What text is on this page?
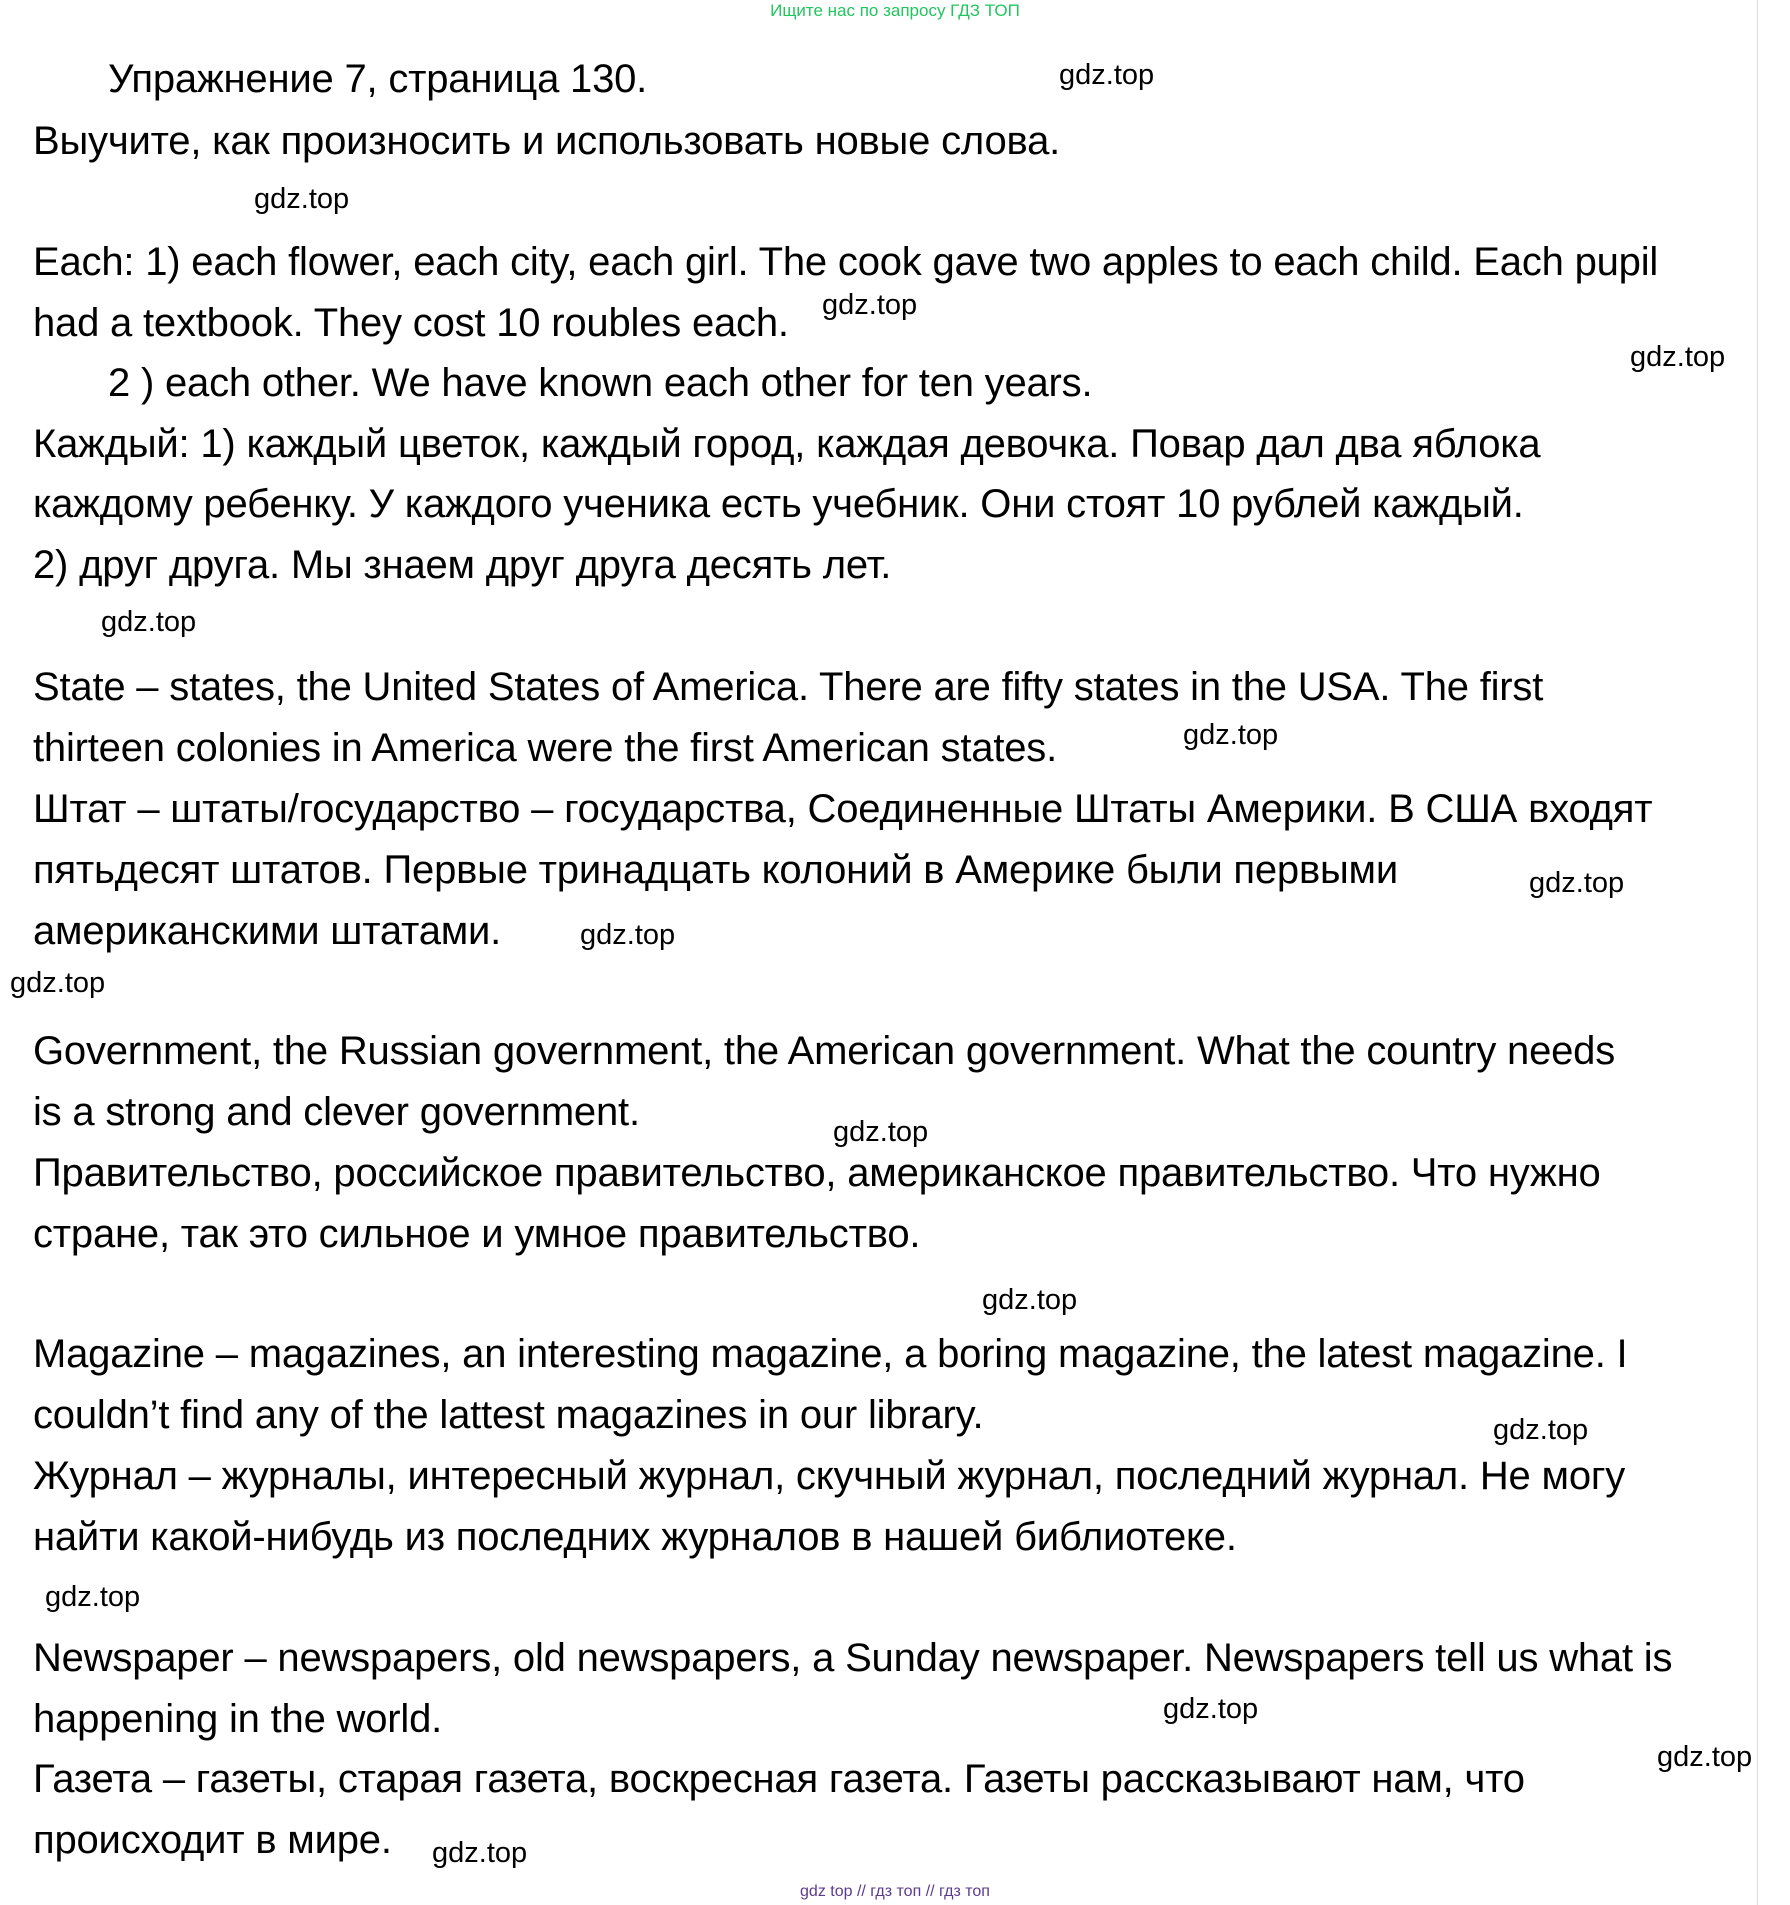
Ищите нас по запросу ГДЗ ТОП
Упражнение 7, страница 130.
Выучите, как произносить и использовать новые слова.
Each: 1) each flower, each city, each girl. The cook gave two apples to each child. Each pupil
had a textbook. They cost 10 roubles each.
2 ) each other. We have known each other for ten years.
Каждый: 1) каждый цветок, каждый город, каждая девочка. Повар дал два яблока
каждому ребенку. У каждого ученика есть учебник. Они стоят 10 рублей каждый.
2) друг друга. Мы знаем друг друга десять лет.
State – states, the United States of America. There are fifty states in the USA. The first
thirteen colonies in America were the first American states.
Штат – штаты/государство – государства, Соединенные Штаты Америки. В США входят
пятьдесят штатов. Первые тринадцать колоний в Америке были первыми
американскими штатами.
Government, the Russian government, the American government. What the country needs
is a strong and clever government.
Правительство, российское правительство, американское правительство. Что нужно
стране, так это сильное и умное правительство.
Magazine – magazines, an interesting magazine, a boring magazine, the latest magazine. I
couldn’t find any of the lattest magazines in our library.
Журнал – журналы, интересный журнал, скучный журнал, последний журнал. Не могу
найти какой-нибудь из последних журналов в нашей библиотеке.
Newspaper – newspapers, old newspapers, a Sunday newspaper. Newspapers tell us what is
happening in the world.
Газета – газеты, старая газета, воскресная газета. Газеты рассказывают нам, что
происходит в мире.
gdz.top
gdz.top
gdz.top
gdz.top
gdz.top
gdz.top
gdz.top
gdz.top
gdz.top
gdz.top
gdz.top
gdz.top
gdz.top
gdz.top
gdz.top
gdz.top
gdz top // гдз топ // гдз топ
